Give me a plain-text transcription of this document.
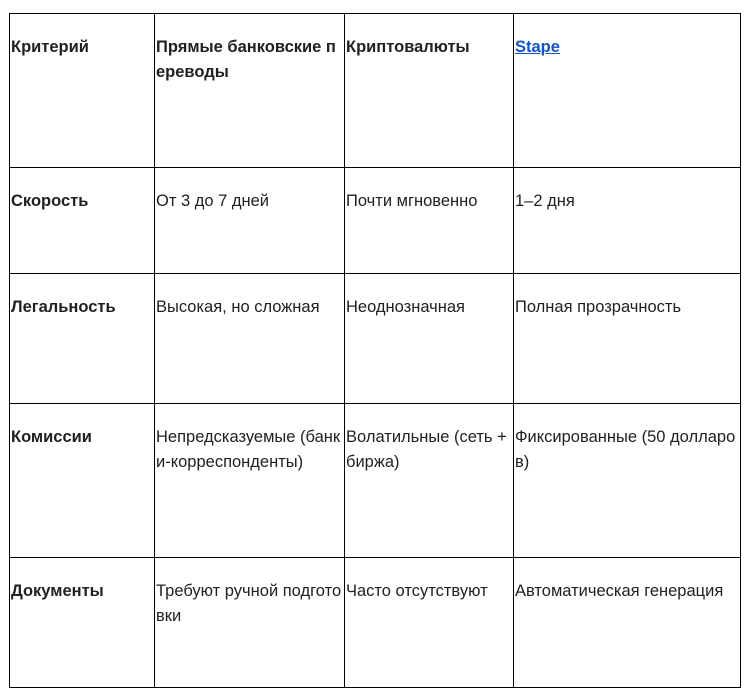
Критерий	Прямые банковские переводы	Криптовалюты	Stape
Скорость	От 3 до 7 дней	Почти мгновенно	1–2 дня
Легальность	Высокая, но сложная	Неоднозначная	Полная прозрачность
Комиссии	Непредсказуемые (банки-корреспонденты)	Волатильные (сеть + биржа)	Фиксированные (50 долларов)
Документы	Требуют ручной подготовки	Часто отсутствуют	Автоматическая генерация
